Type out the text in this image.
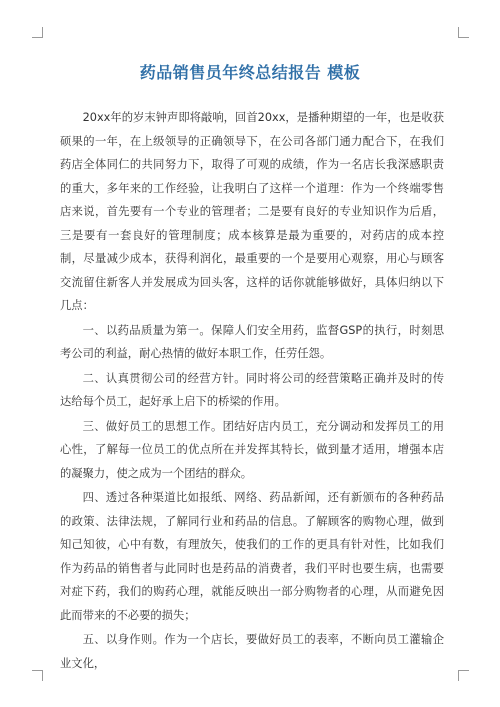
药品销售员年终总结报告 模板

20xx年的岁末钟声即将敲响，回首20xx，是播种期望的一年，也是收获硕果的一年，在上级领导的正确领导下，在公司各部门通力配合下，在我们药店全体同仁的共同努力下，取得了可观的成绩，作为一名店长我深感职责的重大，多年来的工作经验，让我明白了这样一个道理：作为一个终端零售店来说，首先要有一个专业的管理者；二是要有良好的专业知识作为后盾，三是要有一套良好的管理制度；成本核算是最为重要的，对药店的成本控制，尽量减少成本，获得利润化，最重要的一个是要用心观察，用心与顾客交流留住新客人并发展成为回头客，这样的话你就能够做好，具体归纳以下几点：

一、以药品质量为第一。保障人们安全用药，监督GSP的执行，时刻思考公司的利益，耐心热情的做好本职工作，任劳任怨。

二、认真贯彻公司的经营方针。同时将公司的经营策略正确并及时的传达给每个员工，起好承上启下的桥梁的作用。

三、做好员工的思想工作。团结好店内员工，充分调动和发挥员工的用心性，了解每一位员工的优点所在并发挥其特长，做到量才适用，增强本店的凝聚力，使之成为一个团结的群众。

四、透过各种渠道比如报纸、网络、药品新闻，还有新颁布的各种药品的政策、法律法规，了解同行业和药品的信息。了解顾客的购物心理，做到知己知彼，心中有数，有理放矢，使我们的工作的更具有针对性，比如我们作为药品的销售者与此同时也是药品的消费者，我们平时也要生病，也需要对症下药，我们的购药心理，就能反映出一部分购物者的心理，从而避免因此而带来的不必要的损失；

五、以身作则。作为一个店长，要做好员工的表率，不断向员工灌输企业文化，
